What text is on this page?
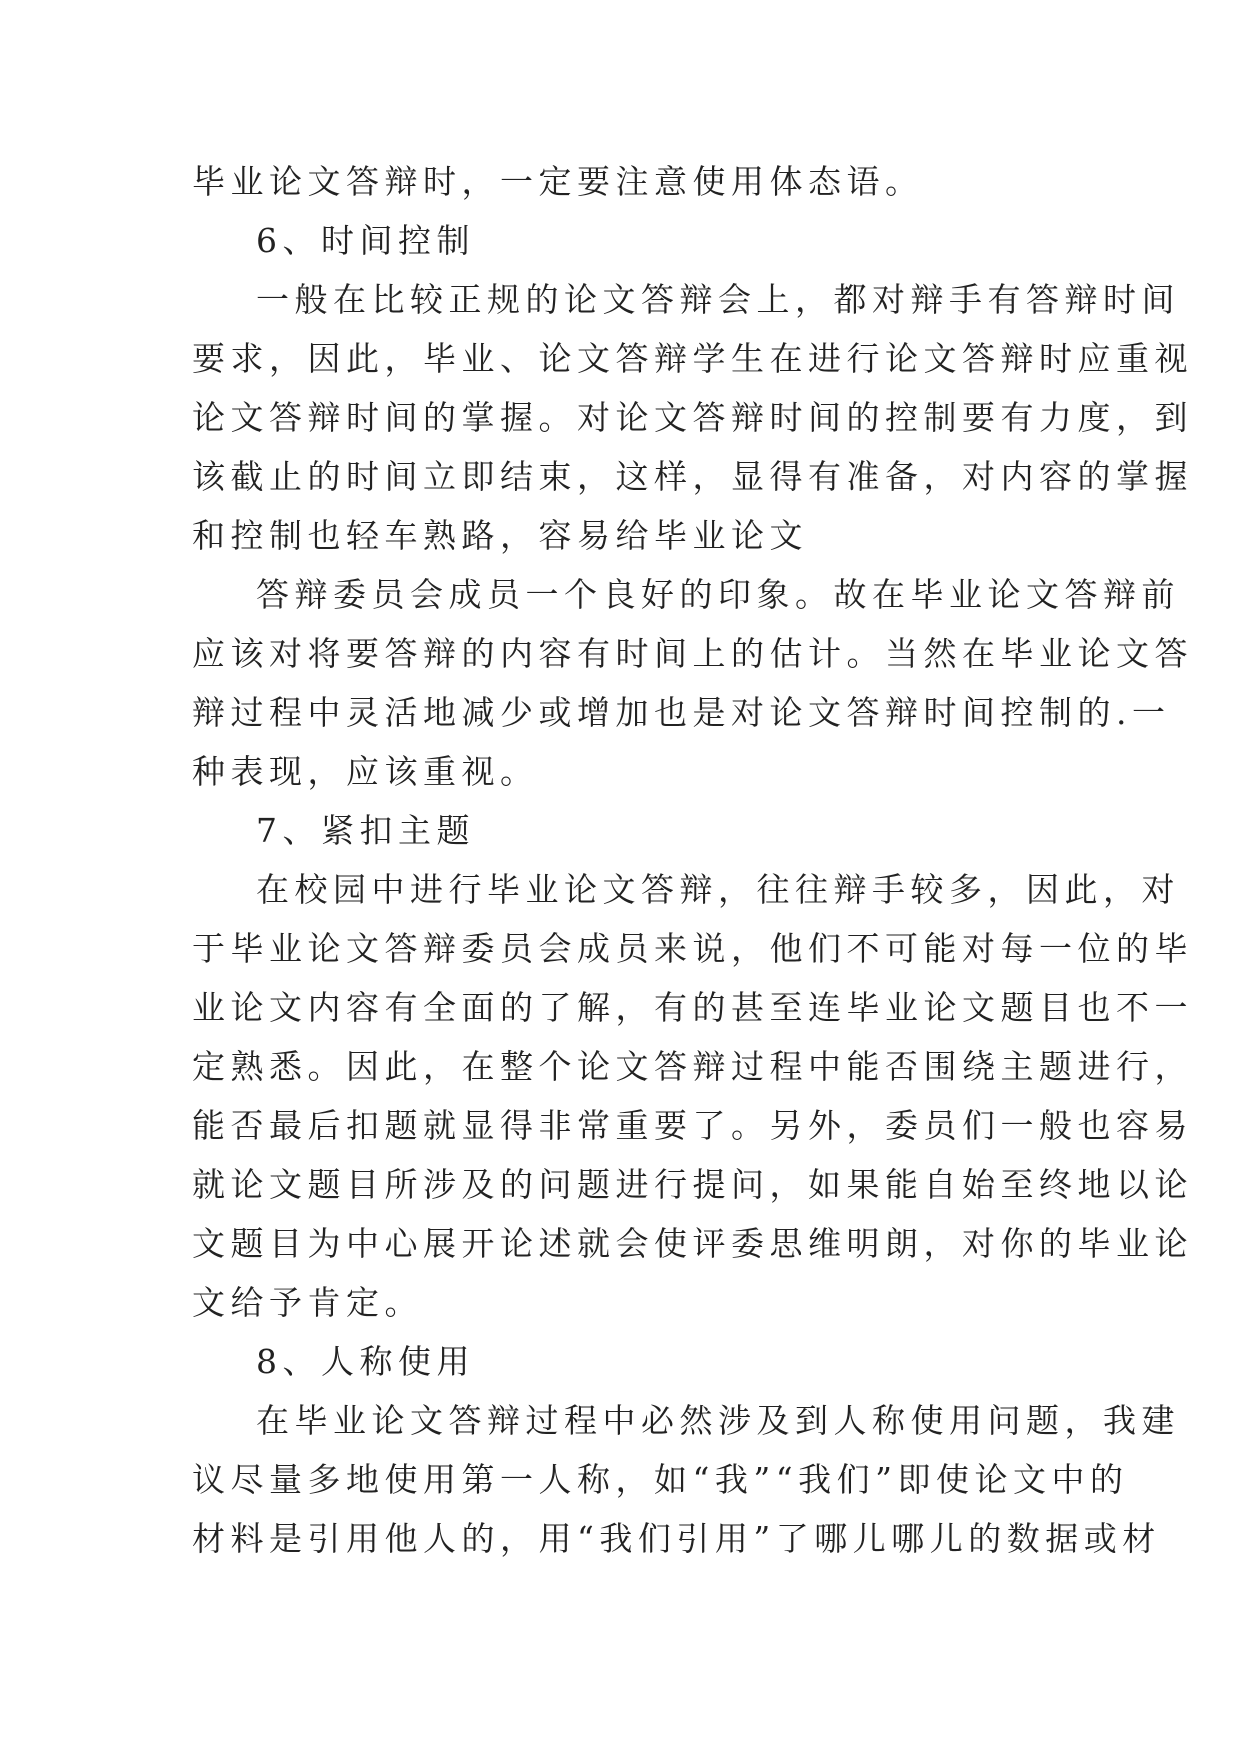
毕业论文答辩时，一定要注意使用体态语。
6、时间控制
一般在比较正规的论文答辩会上，都对辩手有答辩时间
要求，因此，毕业、论文答辩学生在进行论文答辩时应重视
论文答辩时间的掌握。对论文答辩时间的控制要有力度，到
该截止的时间立即结束，这样，显得有准备，对内容的掌握
和控制也轻车熟路，容易给毕业论文
答辩委员会成员一个良好的印象。故在毕业论文答辩前
应该对将要答辩的内容有时间上的估计。当然在毕业论文答
辩过程中灵活地减少或增加也是对论文答辩时间控制的.一
种表现，应该重视。
7、紧扣主题
在校园中进行毕业论文答辩，往往辩手较多，因此，对
于毕业论文答辩委员会成员来说，他们不可能对每一位的毕
业论文内容有全面的了解，有的甚至连毕业论文题目也不一
定熟悉。因此，在整个论文答辩过程中能否围绕主题进行，
能否最后扣题就显得非常重要了。另外，委员们一般也容易
就论文题目所涉及的问题进行提问，如果能自始至终地以论
文题目为中心展开论述就会使评委思维明朗，对你的毕业论
文给予肯定。
8、人称使用
在毕业论文答辩过程中必然涉及到人称使用问题，我建
议尽量多地使用第一人称，如“我”“我们”即使论文中的
材料是引用他人的，用“我们引用”了哪儿哪儿的数据或材
